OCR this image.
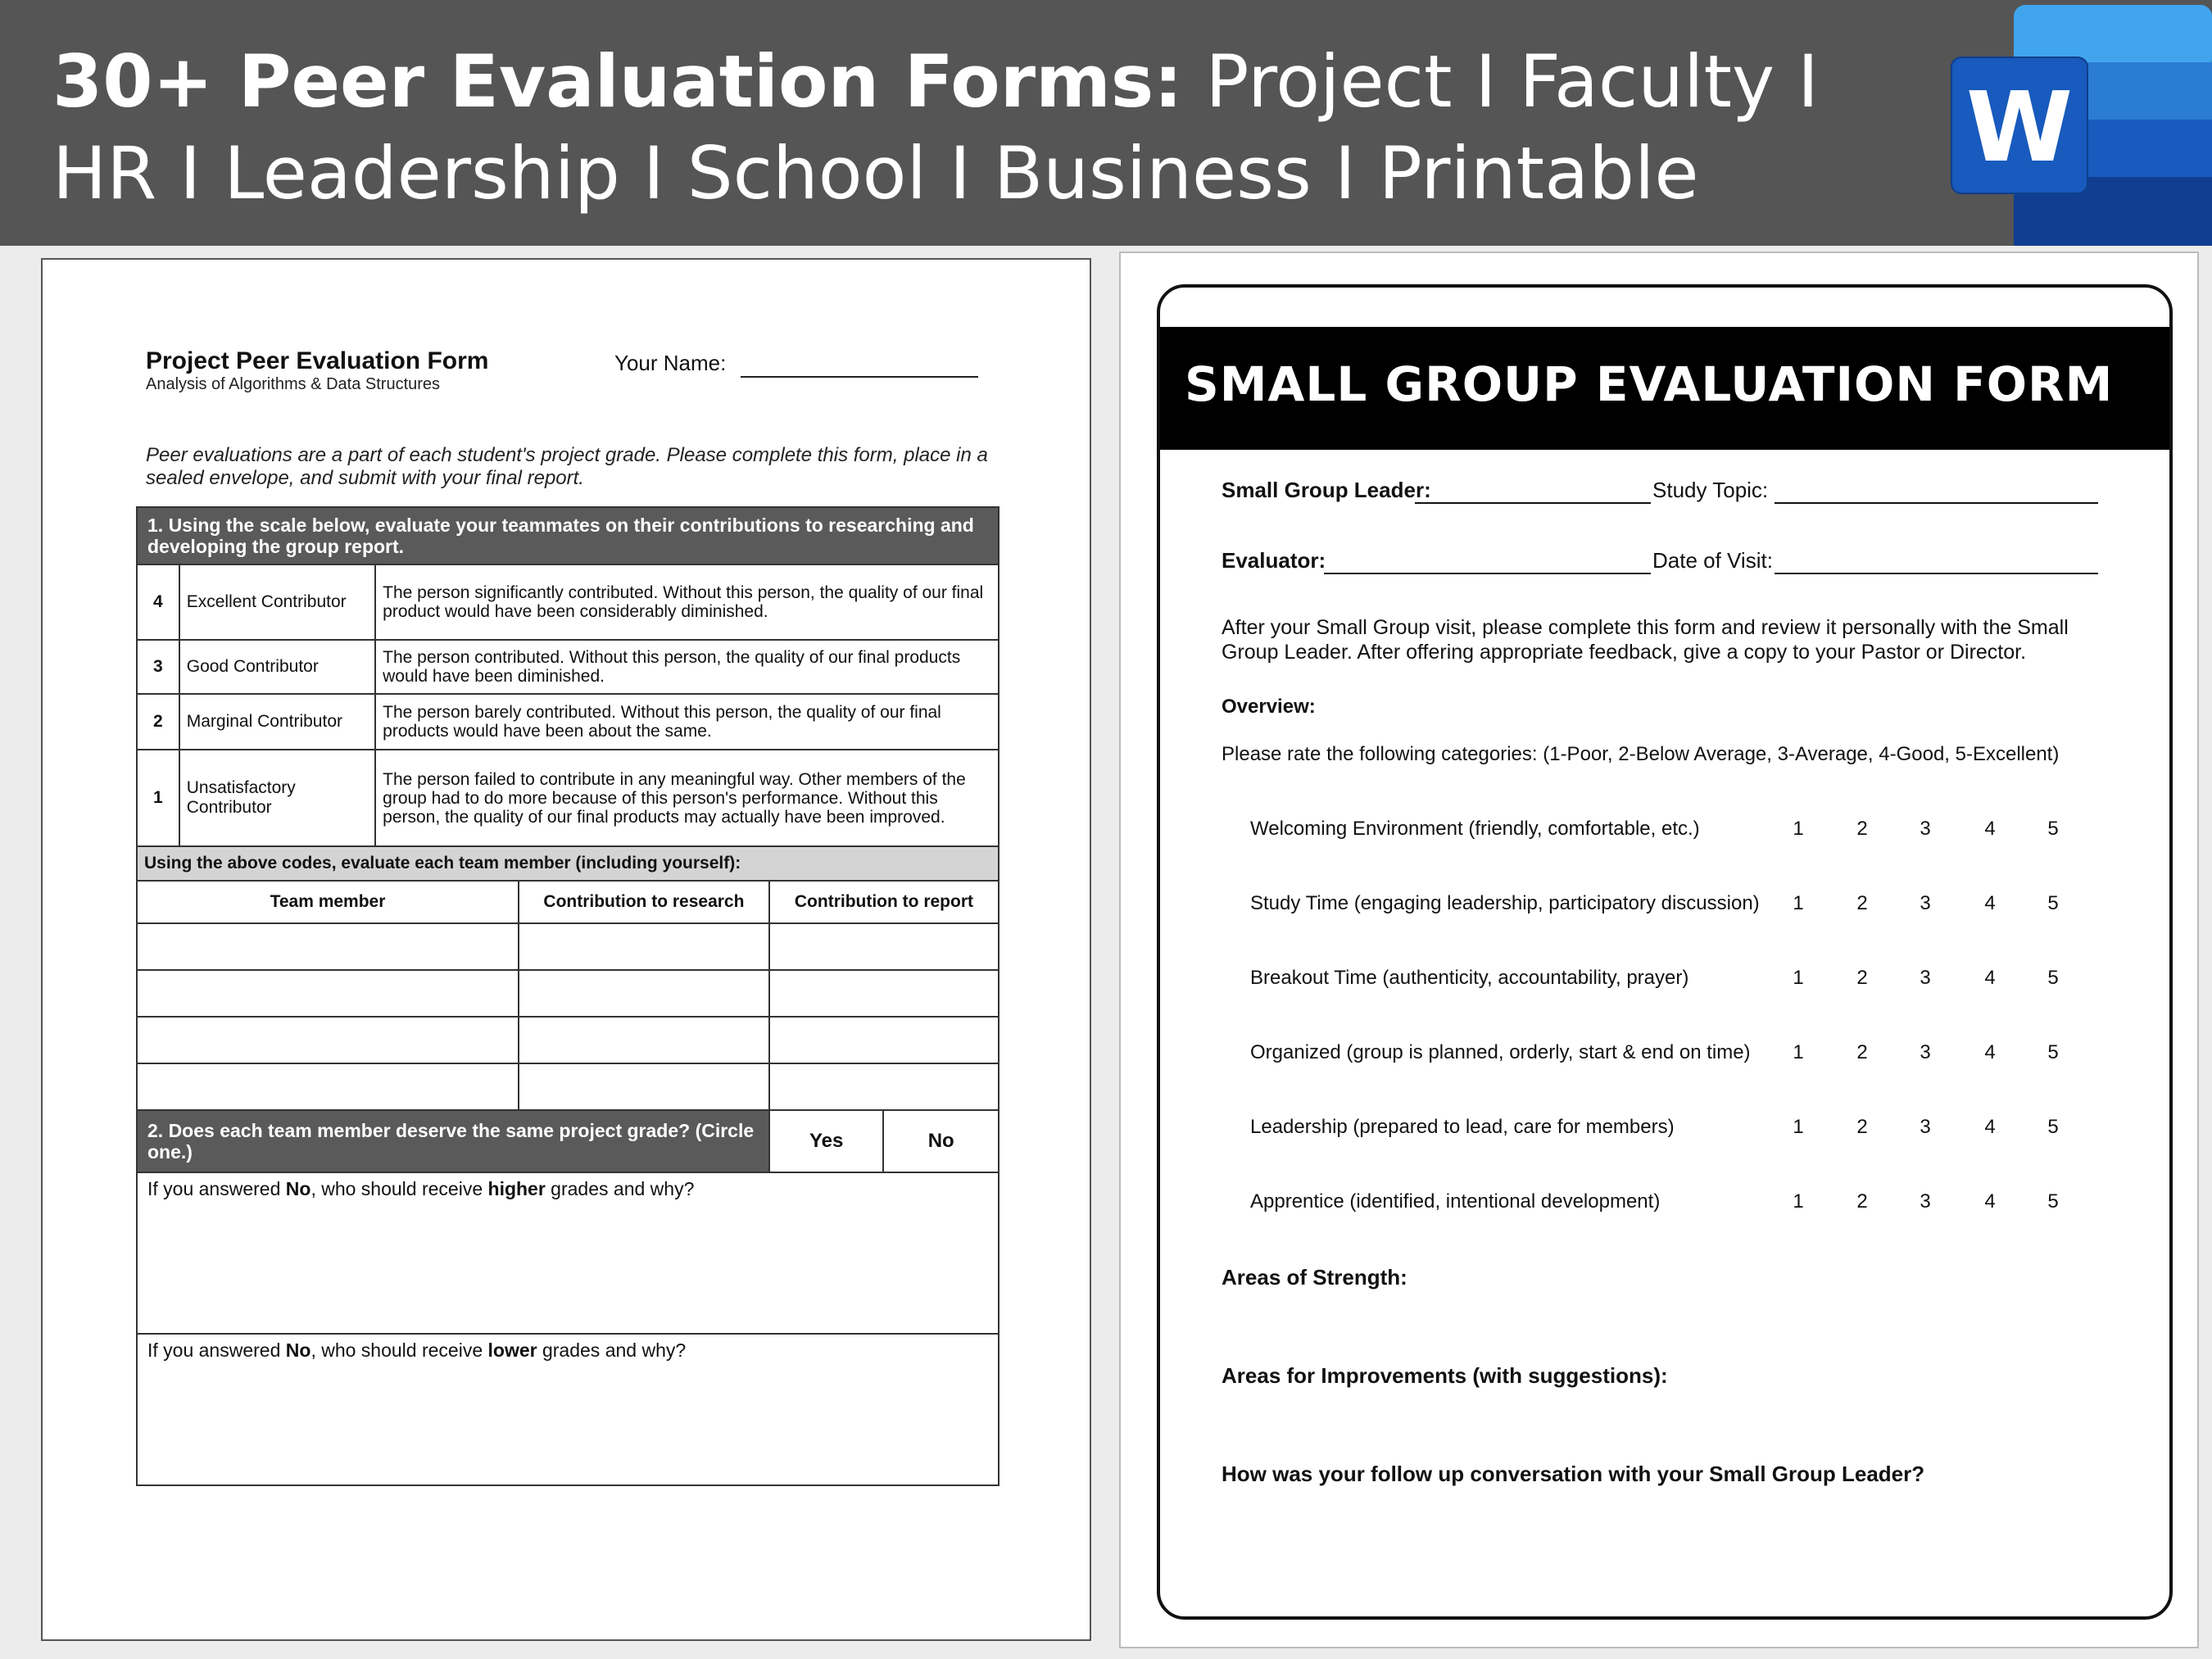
30+ Peer Evaluation Forms: Project I Faculty I HR I Leadership I School I Business I Printable	W
Project Peer Evaluation Form
Analysis of Algorithms & Data Structures
Your Name:
Peer evaluations are a part of each student's project grade. Please complete this form, place in a sealed envelope, and submit with your final report.
1. Using the scale below, evaluate your teammates on their contributions to researching and developing the group report.					
4	Excellent Contributor	The person significantly contributed. Without this person, the quality of our final product would have been considerably diminished.			
3	Good Contributor	The person contributed. Without this person, the quality of our final products would have been diminished.			
2	Marginal Contributor	The person barely contributed. Without this person, the quality of our final products would have been about the same.			
1	Unsatisfactory Contributor	The person failed to contribute in any meaningful way. Other members of the group had to do more because of this person's performance. Without this person, the quality of our final products may actually have been improved.			
Using the above codes, evaluate each team member (including yourself):					
Team member			Contribution to research	Contribution to report	

2. Does each team member deserve the same project grade? (Circle one.)				Yes	No
If you answered No, who should receive higher grades and why?					
If you answered No, who should receive lower grades and why?					
SMALL GROUP EVALUATION FORM
Small Group Leader:	Study Topic:
Evaluator:	Date of Visit:
After your Small Group visit, please complete this form and review it personally with the Small Group Leader. After offering appropriate feedback, give a copy to your Pastor or Director.
Overview:
Please rate the following categories: (1-Poor, 2-Below Average, 3-Average, 4-Good, 5-Excellent)
Welcoming Environment (friendly, comfortable, etc.)	1	2	3	4	5
Study Time (engaging leadership, participatory discussion)	1	2	3	4	5
Breakout Time (authenticity, accountability, prayer)	1	2	3	4	5
Organized (group is planned, orderly, start & end on time)	1	2	3	4	5
Leadership (prepared to lead, care for members)	1	2	3	4	5
Apprentice (identified, intentional development)	1	2	3	4	5
Areas of Strength:
Areas for Improvements (with suggestions):
How was your follow up conversation with your Small Group Leader?
